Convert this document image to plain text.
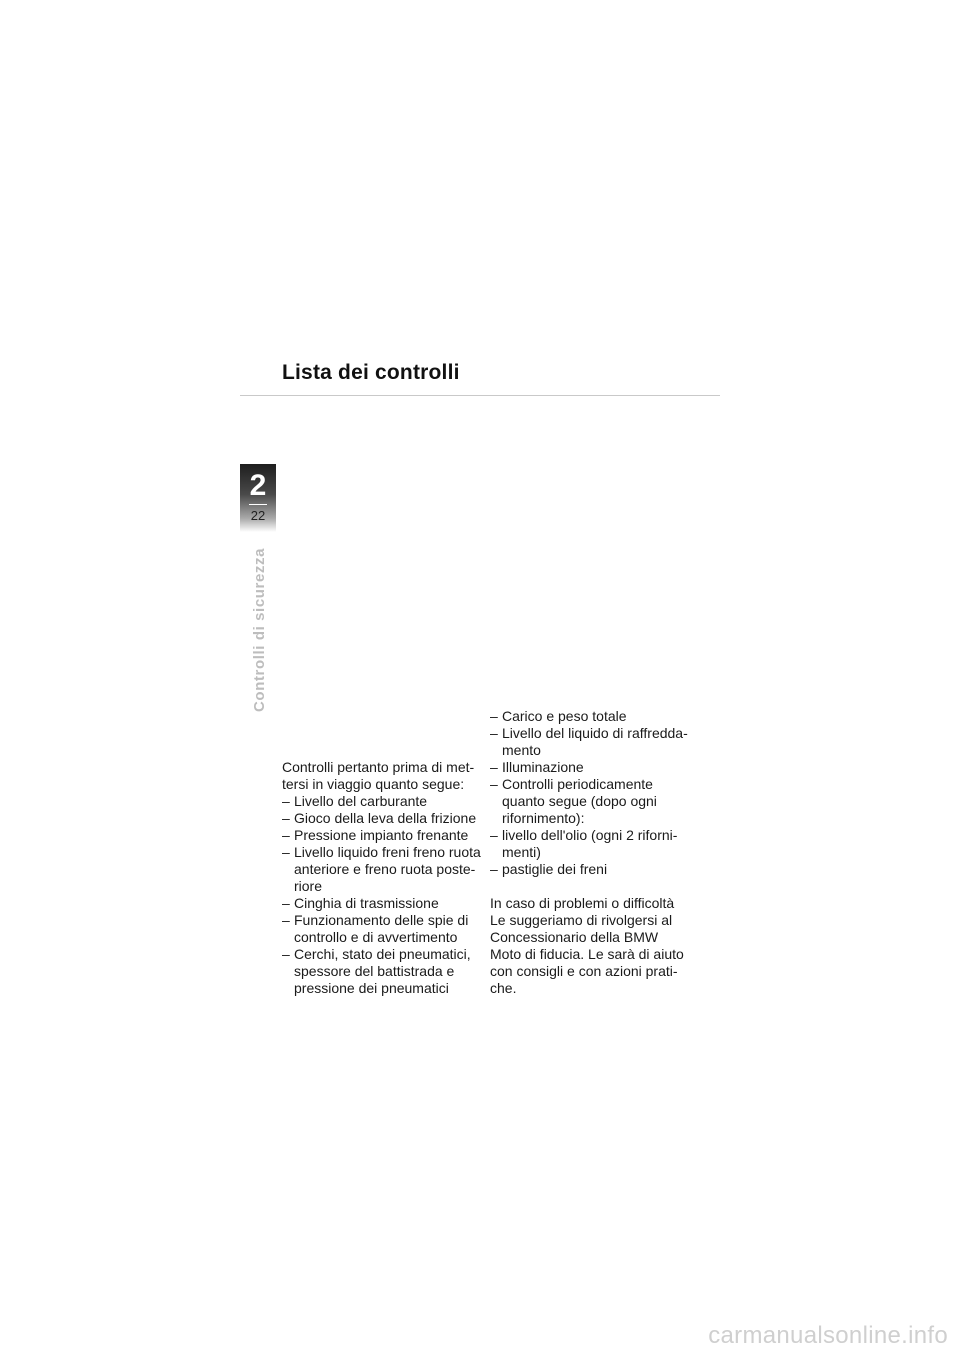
Lista dei controlli
2
22
Controlli di sicurezza

Controlli pertanto prima di met-tersi in viaggio quanto segue:

– Livello del carburante
– Gioco della leva della frizione
– Pressione impianto frenante
– Livello liquido freni freno ruota anteriore e freno ruota poste-riore
– Cinghia di trasmissione
– Funzionamento delle spie di controllo e di avvertimento
– Cerchi, stato dei pneumatici, spessore del battistrada e pressione dei pneumatici
– Carico e peso totale
– Livello del liquido di raffredda-mento
– Illuminazione
– Controlli periodicamente quanto segue (dopo ogni rifornimento):
– livello dell'olio (ogni 2 riforni-menti)
– pastiglie dei freni

In caso di problemi o difficoltà Le suggeriamo di rivolgersi al Concessionario della BMW Moto di fiducia. Le sarà di aiuto con consigli e con azioni prati-che.

carmanualsonline.info
